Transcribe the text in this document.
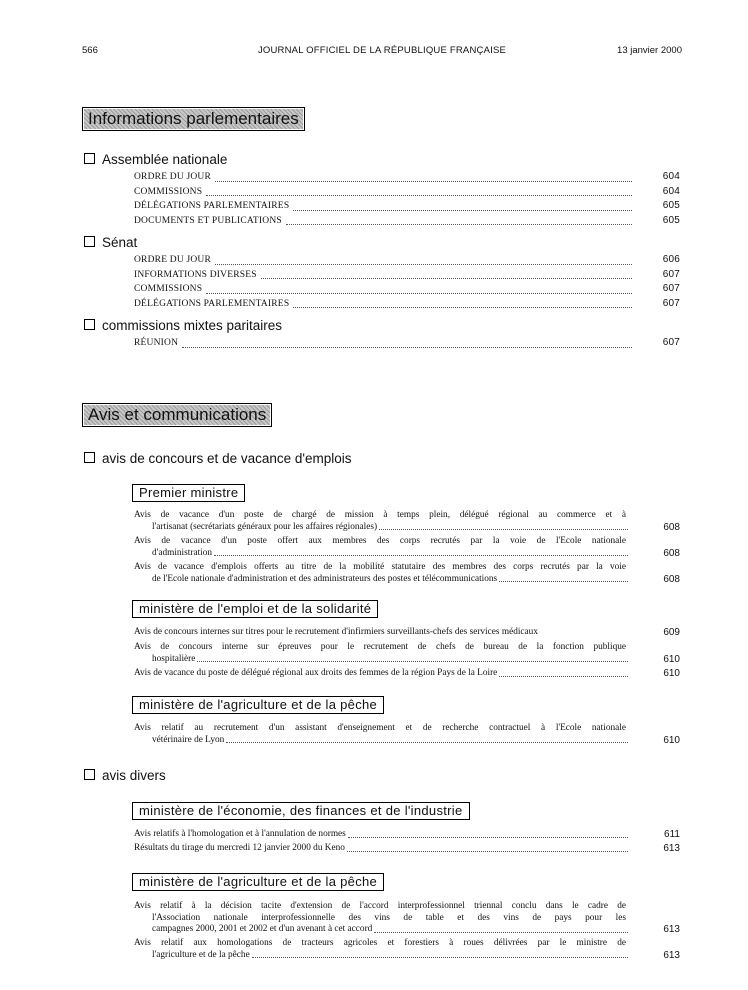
566	JOURNAL OFFICIEL DE LA RÉPUBLIQUE FRANÇAISE	13 janvier 2000
Informations parlementaires
Assemblée nationale
ORDRE DU JOUR	604
COMMISSIONS	604
DÉLÉGATIONS PARLEMENTAIRES	605
DOCUMENTS ET PUBLICATIONS	605
Sénat
ORDRE DU JOUR	606
INFORMATIONS DIVERSES	607
COMMISSIONS	607
DÉLÉGATIONS PARLEMENTAIRES	607
commissions mixtes paritaires
RÉUNION	607
Avis et communications
avis de concours et de vacance d'emplois
Premier ministre
Avis de vacance d'un poste de chargé de mission à temps plein, délégué régional au commerce et à
l'artisanat (secrétariats généraux pour les affaires régionales)	608
Avis de vacance d'un poste offert aux membres des corps recrutés par la voie de l'Ecole nationale
d'administration	608
Avis de vacance d'emplois offerts au titre de la mobilité statutaire des membres des corps recrutés par la voie
de l'Ecole nationale d'administration et des administrateurs des postes et télécommunications	608
ministère de l'emploi et de la solidarité
Avis de concours internes sur titres pour le recrutement d'infirmiers surveillants-chefs des services médicaux	609
Avis de concours interne sur épreuves pour le recrutement de chefs de bureau de la fonction publique
hospitalière	610
Avis de vacance du poste de délégué régional aux droits des femmes de la région Pays de la Loire	610
ministère de l'agriculture et de la pêche
Avis relatif au recrutement d'un assistant d'enseignement et de recherche contractuel à l'Ecole nationale
vétérinaire de Lyon	610
avis divers
ministère de l'économie, des finances et de l'industrie
Avis relatifs à l'homologation et à l'annulation de normes	611
Résultats du tirage du mercredi 12 janvier 2000 du Keno	613
ministère de l'agriculture et de la pêche
Avis relatif à la décision tacite d'extension de l'accord interprofessionnel triennal conclu dans le cadre de
l'Association nationale interprofessionnelle des vins de table et des vins de pays pour les
campagnes 2000, 2001 et 2002 et d'un avenant à cet accord	613
Avis relatif aux homologations de tracteurs agricoles et forestiers à roues délivrées par le ministre de
l'agriculture et de la pêche	613
